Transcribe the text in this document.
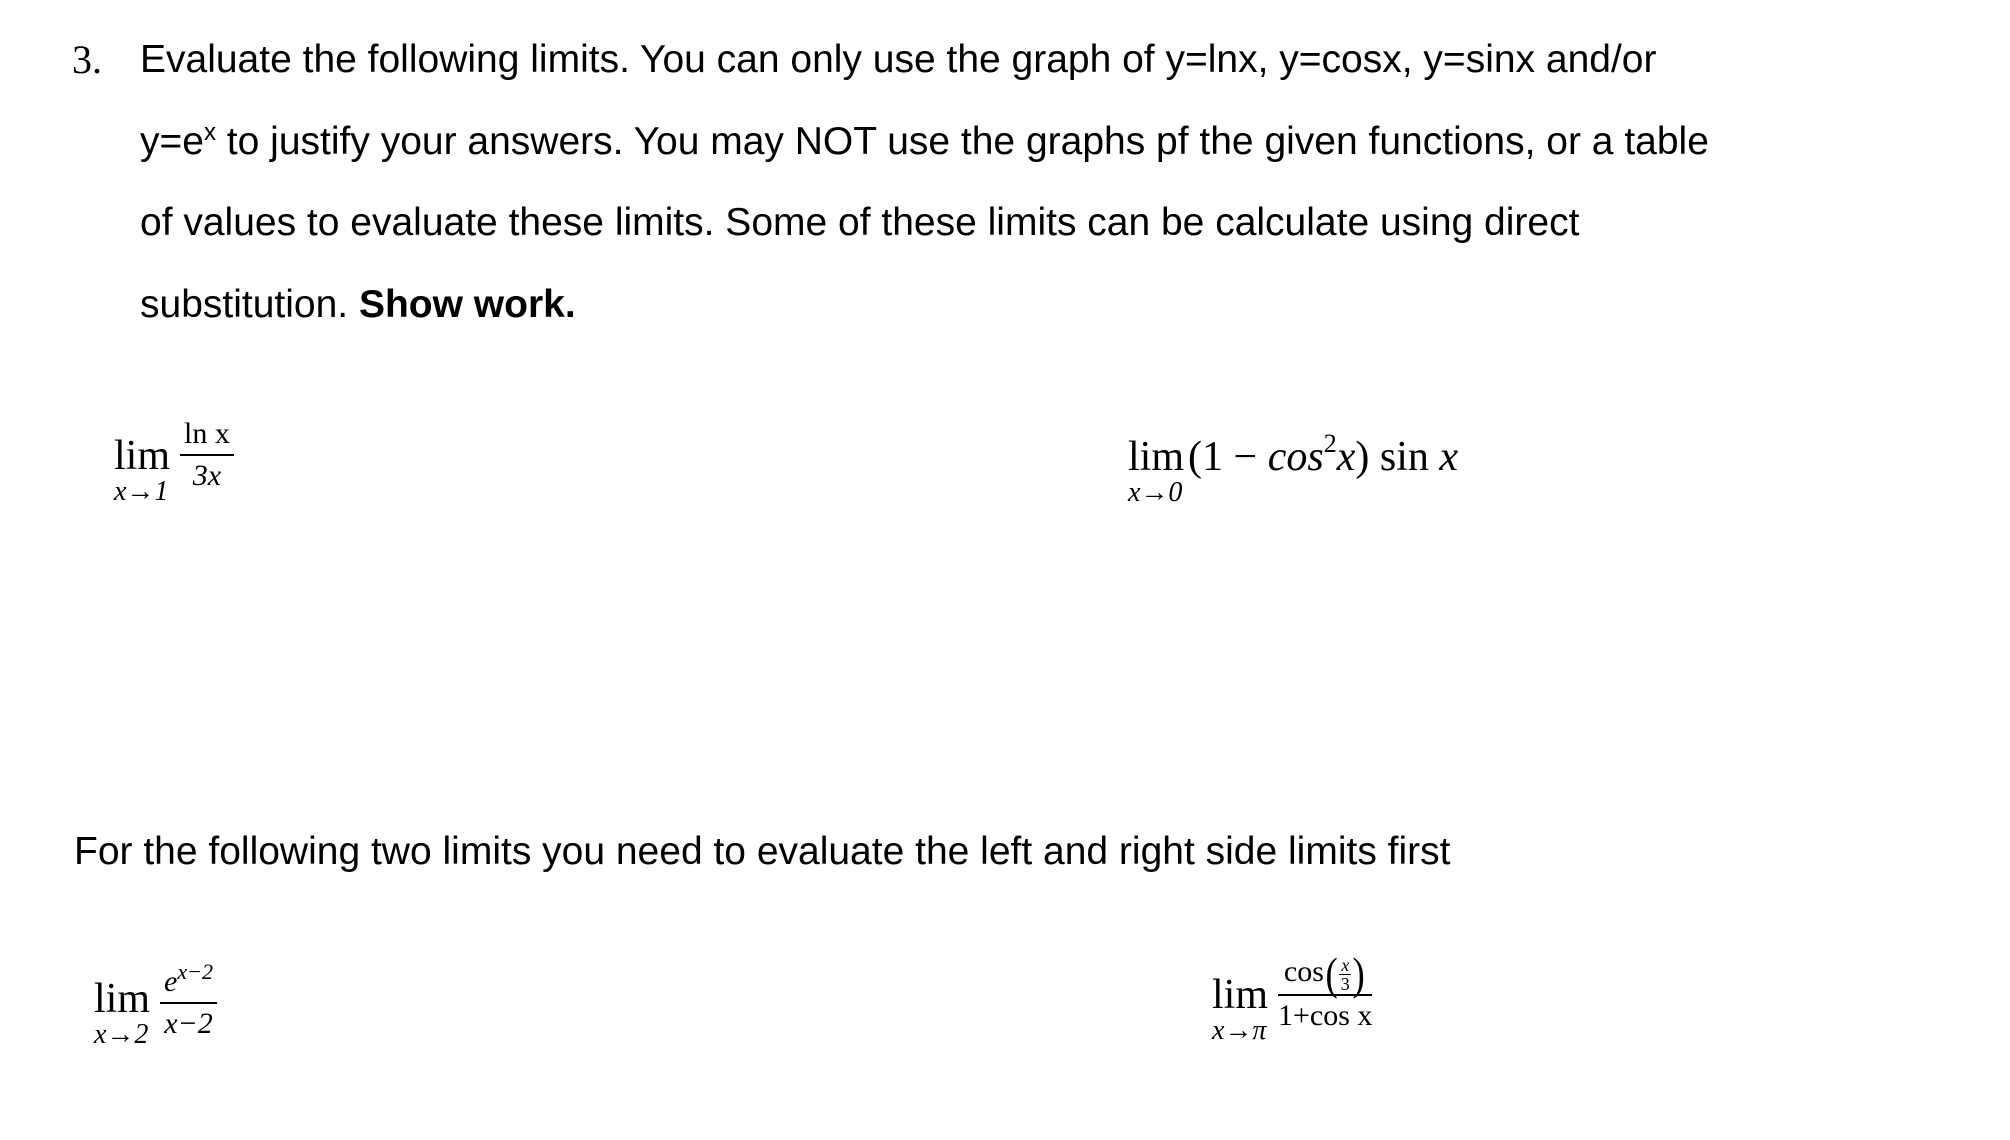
3. Evaluate the following limits. You can only use the graph of y=lnx, y=cosx, y=sinx and/or
$y=e^x$ to justify your answers. You may NOT use the graphs pf the given functions, or a table
of values to evaluate these limits. Some of these limits can be calculate using direct
substitution. Show work.
lim
x→1
$\frac{\text{ln x}}{3x}$	lim
x→0
$(1 - \cos^2x)$ sin x
For the following two limits you need to evaluate the left and right side limits first
lim
x→2
$\frac{e^{x-2}}{x-2}$	lim
x→π
$\frac{\cos( \frac{x}{3} )}{\text{1+cos x}}$
